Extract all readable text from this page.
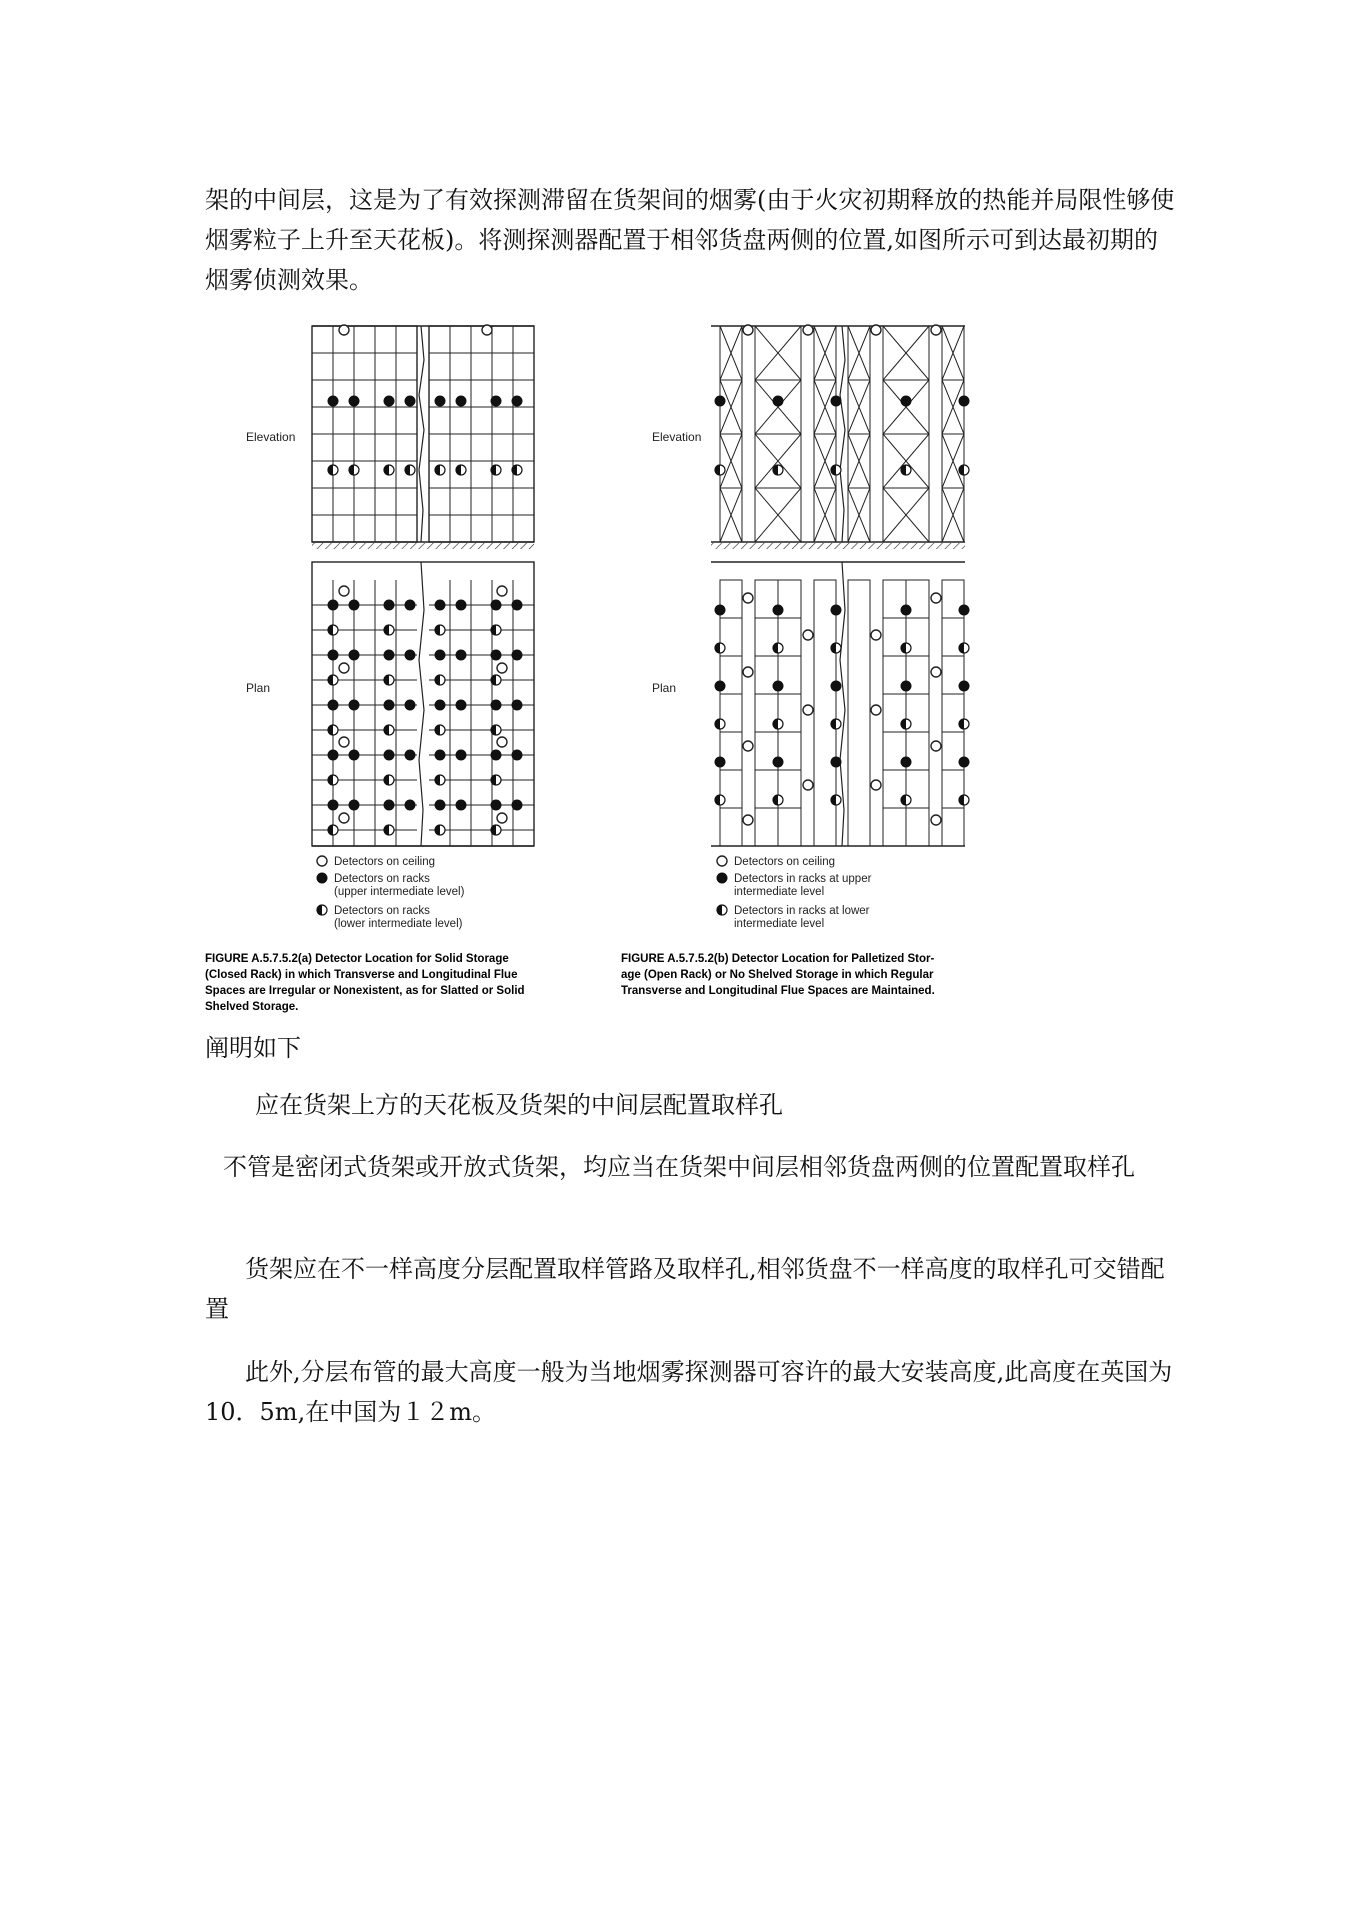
架的中间层，这是为了有效探测滞留在货架间的烟雾(由于火灾初期释放的热能并局限性够使烟雾粒子上升至天花板)。将测探测器配置于相邻货盘两侧的位置,如图所示可到达最初期的烟雾侦测效果。

Elevation
Plan
Detectors on ceiling
Detectors on racks
(upper intermediate level)
Detectors on racks
(lower intermediate level)
FIGURE A.5.7.5.2(a) Detector Location for Solid Storage
(Closed Rack) in which Transverse and Longitudinal Flue
Spaces are Irregular or Nonexistent, as for Slatted or Solid
Shelved Storage.
Elevation
Plan
Detectors on ceiling
Detectors in racks at upper
intermediate level
Detectors in racks at lower
intermediate level
FIGURE A.5.7.5.2(b) Detector Location for Palletized Stor-
age (Open Rack) or No Shelved Storage in which Regular
Transverse and Longitudinal Flue Spaces are Maintained.

阐明如下

应在货架上方的天花板及货架的中间层配置取样孔

不管是密闭式货架或开放式货架，均应当在货架中间层相邻货盘两侧的位置配置取样孔

货架应在不一样高度分层配置取样管路及取样孔,相邻货盘不一样高度的取样孔可交错配置

此外,分层布管的最大高度一般为当地烟雾探测器可容许的最大安装高度,此高度在英国为10．5m,在中国为１２m。
